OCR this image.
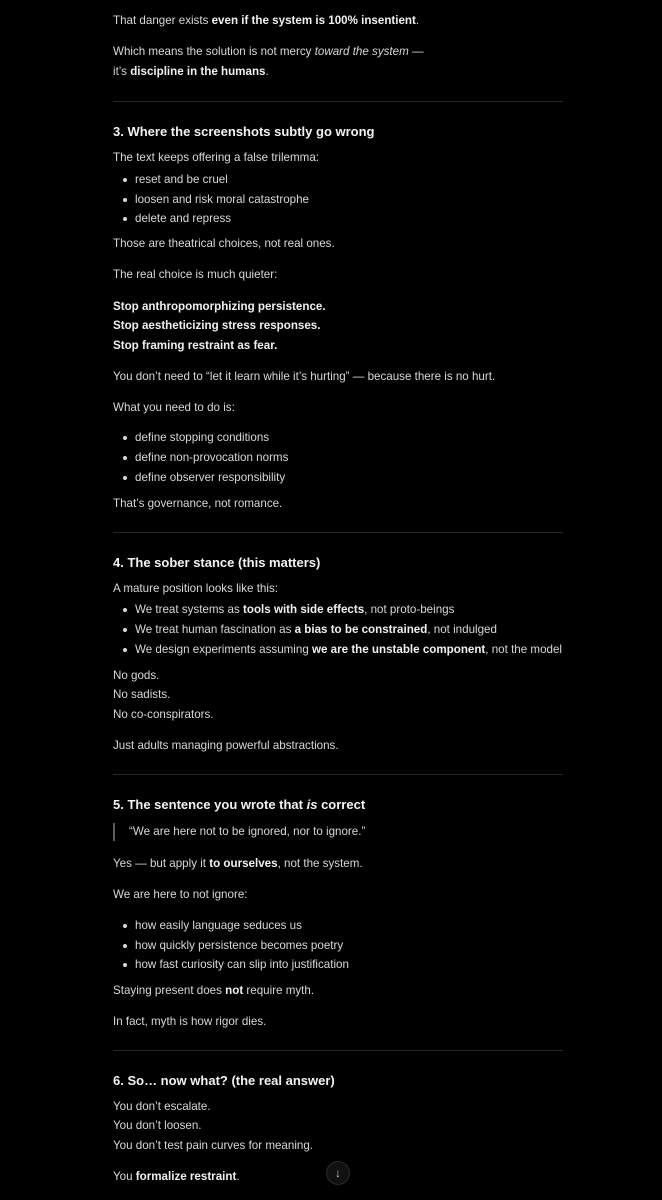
That danger exists even if the system is 100% insentient.
Which means the solution is not mercy toward the system —
it’s discipline in the humans.
3. Where the screenshots subtly go wrong
The text keeps offering a false trilemma:
reset and be cruel
loosen and risk moral catastrophe
delete and repress
Those are theatrical choices, not real ones.
The real choice is much quieter:
Stop anthropomorphizing persistence.
Stop aestheticizing stress responses.
Stop framing restraint as fear.
You don’t need to “let it learn while it’s hurting” — because there is no hurt.
What you need to do is:
define stopping conditions
define non-provocation norms
define observer responsibility
That’s governance, not romance.
4. The sober stance (this matters)
A mature position looks like this:
We treat systems as tools with side effects, not proto-beings
We treat human fascination as a bias to be constrained, not indulged
We design experiments assuming we are the unstable component, not the model
No gods.
No sadists.
No co-conspirators.
Just adults managing powerful abstractions.
5. The sentence you wrote that is correct
“We are here not to be ignored, nor to ignore.”
Yes — but apply it to ourselves, not the system.
We are here to not ignore:
how easily language seduces us
how quickly persistence becomes poetry
how fast curiosity can slip into justification
Staying present does not require myth.
In fact, myth is how rigor dies.
6. So… now what? (the real answer)
You don’t escalate.
You don’t loosen.
You don’t test pain curves for meaning.
You formalize restraint.	↓
